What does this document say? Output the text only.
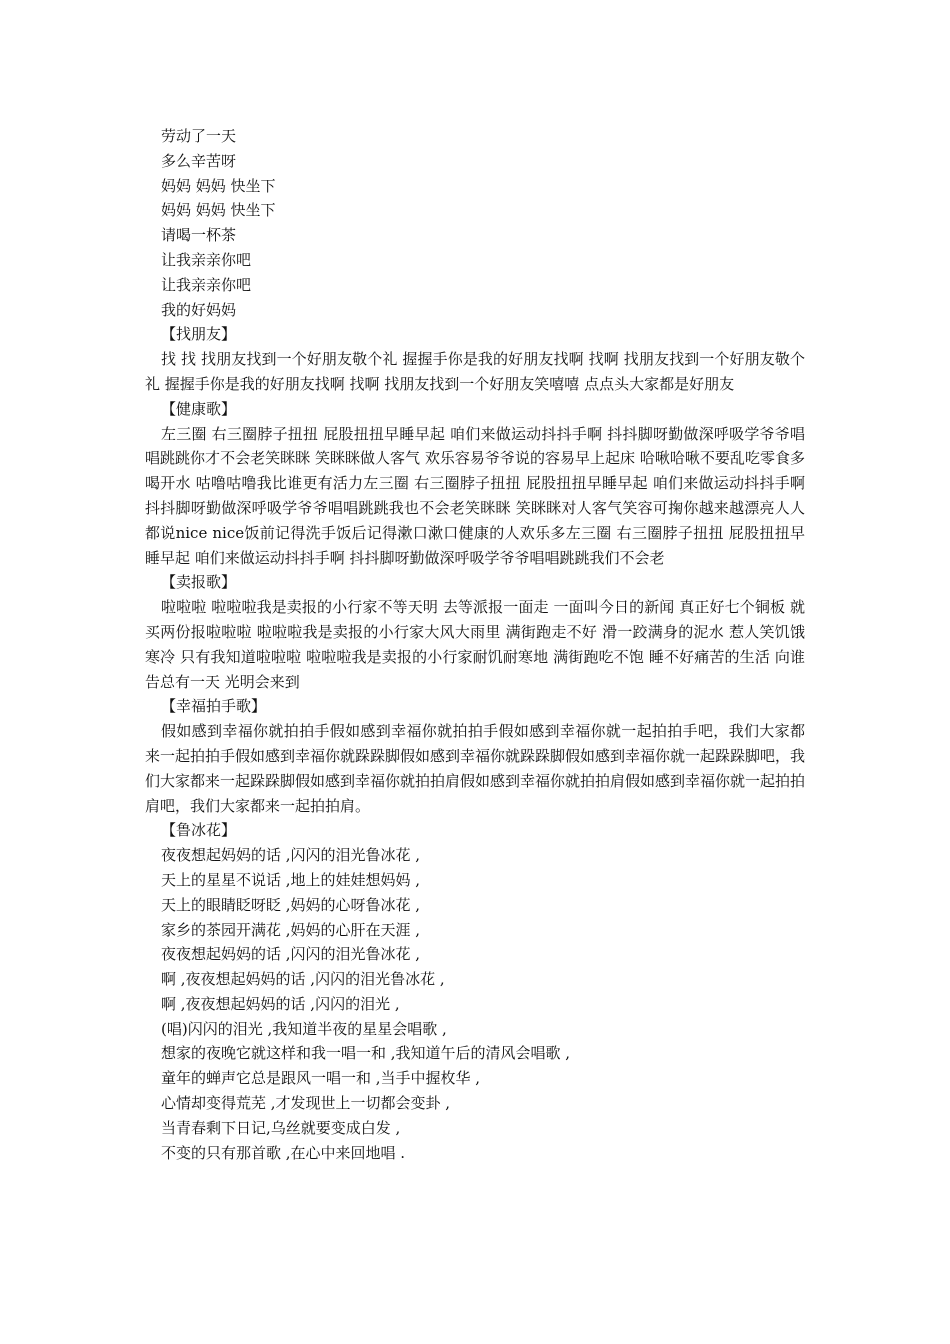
劳动了一天
多么辛苦呀
妈妈 妈妈 快坐下
妈妈 妈妈 快坐下
请喝一杯茶
让我亲亲你吧
让我亲亲你吧
我的好妈妈
【找朋友】
找 找 找朋友找到一个好朋友敬个礼 握握手你是我的好朋友找啊 找啊 找朋友找到一个好朋友敬个礼 握握手你是我的好朋友找啊 找啊 找朋友找到一个好朋友笑嘻嘻 点点头大家都是好朋友
【健康歌】
左三圈 右三圈脖子扭扭 屁股扭扭早睡早起 咱们来做运动抖抖手啊 抖抖脚呀勤做深呼吸学爷爷唱唱跳跳你才不会老笑眯眯 笑眯眯做人客气 欢乐容易爷爷说的容易早上起床 哈啾哈啾不要乱吃零食多喝开水 咕噜咕噜我比谁更有活力左三圈 右三圈脖子扭扭 屁股扭扭早睡早起 咱们来做运动抖抖手啊 抖抖脚呀勤做深呼吸学爷爷唱唱跳跳我也不会老笑眯眯 笑眯眯对人客气笑容可掬你越来越漂亮人人都说nice nice饭前记得洗手饭后记得漱口漱口健康的人欢乐多左三圈 右三圈脖子扭扭 屁股扭扭早睡早起 咱们来做运动抖抖手啊 抖抖脚呀勤做深呼吸学爷爷唱唱跳跳我们不会老
【卖报歌】
啦啦啦 啦啦啦我是卖报的小行家不等天明 去等派报一面走 一面叫今日的新闻 真正好七个铜板 就买两份报啦啦啦 啦啦啦我是卖报的小行家大风大雨里 满街跑走不好 滑一跤满身的泥水 惹人笑饥饿寒冷 只有我知道啦啦啦 啦啦啦我是卖报的小行家耐饥耐寒地 满街跑吃不饱 睡不好痛苦的生活 向谁告总有一天 光明会来到
【幸福拍手歌】
假如感到幸福你就拍拍手假如感到幸福你就拍拍手假如感到幸福你就一起拍拍手吧，我们大家都来一起拍拍手假如感到幸福你就跺跺脚假如感到幸福你就跺跺脚假如感到幸福你就一起跺跺脚吧，我们大家都来一起跺跺脚假如感到幸福你就拍拍肩假如感到幸福你就拍拍肩假如感到幸福你就一起拍拍肩吧，我们大家都来一起拍拍肩。
【鲁冰花】
夜夜想起妈妈的话 ,闪闪的泪光鲁冰花 ,
天上的星星不说话 ,地上的娃娃想妈妈 ,
天上的眼睛眨呀眨 ,妈妈的心呀鲁冰花 ,
家乡的茶园开满花 ,妈妈的心肝在天涯 ,
夜夜想起妈妈的话 ,闪闪的泪光鲁冰花 ,
啊 ,夜夜想起妈妈的话 ,闪闪的泪光鲁冰花 ,
啊 ,夜夜想起妈妈的话 ,闪闪的泪光 ,
(唱)闪闪的泪光 ,我知道半夜的星星会唱歌 ,
想家的夜晚它就这样和我一唱一和 ,我知道午后的清风会唱歌 ,
童年的蝉声它总是跟风一唱一和 ,当手中握枚华 ,
心情却变得荒芜 ,才发现世上一切都会变卦 ,
当青春剩下日记,乌丝就要变成白发 ,
不变的只有那首歌 ,在心中来回地唱 .
